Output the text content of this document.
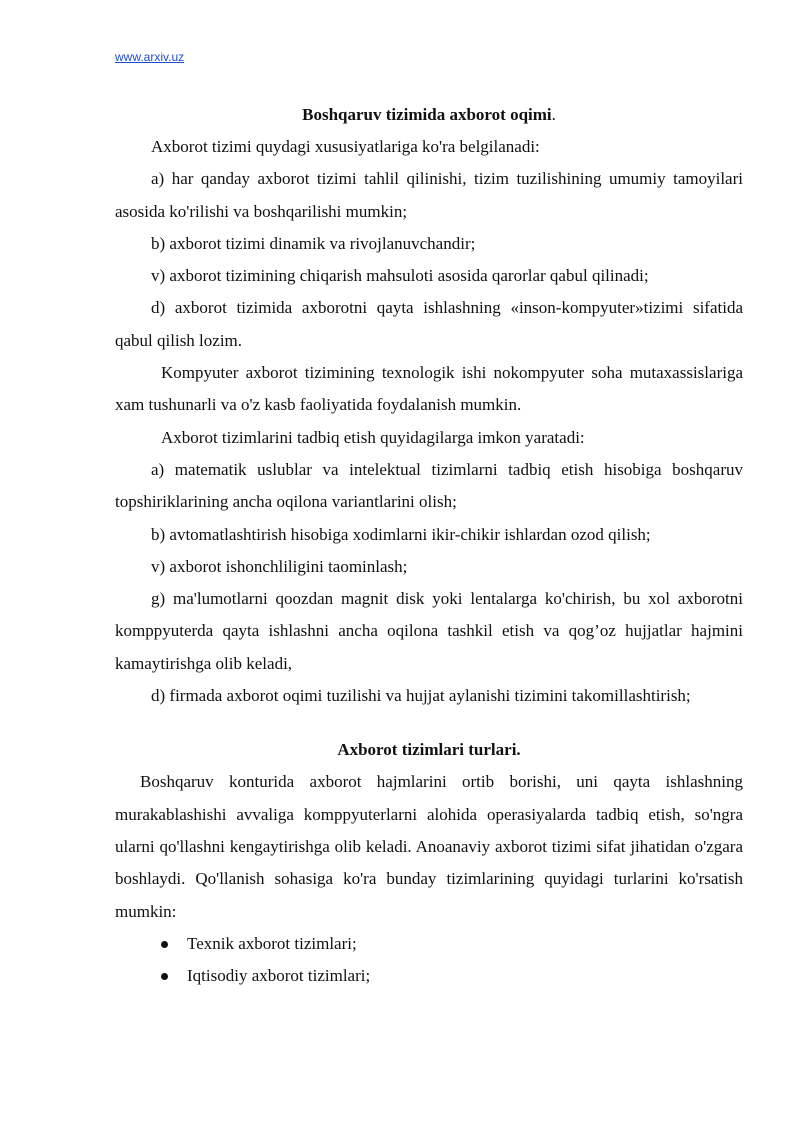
www.arxiv.uz

Boshqaruv tizimida axborot oqimi.

Axborot tizimi quydagi xususiyatlariga ko'ra belgilanadi:

a) har qanday axborot tizimi tahlil qilinishi, tizim tuzilishining umumiy tamoyilari asosida ko'rilishi va boshqarilishi mumkin;

b) axborot tizimi dinamik va rivojlanuvchandir;

v) axborot tizimining chiqarish mahsuloti asosida qarorlar qabul qilinadi;

d) axborot tizimida axborotni qayta ishlashning «inson-kompyuter»tizimi sifatida qabul qilish lozim.

Kompyuter axborot tizimining texnologik ishi nokompyuter soha mutaxassislariga xam tushunarli va o'z kasb faoliyatida foydalanish mumkin.

Axborot tizimlarini tadbiq etish quyidagilarga imkon yaratadi:

a) matematik uslublar va intelektual tizimlarni tadbiq etish hisobiga boshqaruv topshiriklarining ancha oqilona variantlarini olish;

b) avtomatlashtirish hisobiga xodimlarni ikir-chikir ishlardan ozod qilish;

v) axborot ishonchliligini taominlash;

g) ma'lumotlarni qoozdan magnit disk yoki lentalarga ko'chirish, bu xol axborotni komppyuterda qayta ishlashni ancha oqilona tashkil etish va qog’oz hujjatlar hajmini kamaytirishga olib keladi,

d) firmada axborot oqimi tuzilishi va hujjat aylanishi tizimini takomillashtirish;

Axborot tizimlari turlari.

Boshqaruv konturida axborot hajmlarini ortib borishi, uni qayta ishlashning murakablashishi avvaliga komppyuterlarni alohida operasiyalarda tadbiq etish, so'ngra ularni qo'llashni kengaytirishga olib keladi. Anoanaviy axborot tizimi sifat jihatidan o'zgara boshlaydi. Qo'llanish sohasiga ko'ra bunday tizimlarining quyidagi turlarini ko'rsatish mumkin:

Texnik axborot tizimlari;
Iqtisodiy axborot tizimlari;
